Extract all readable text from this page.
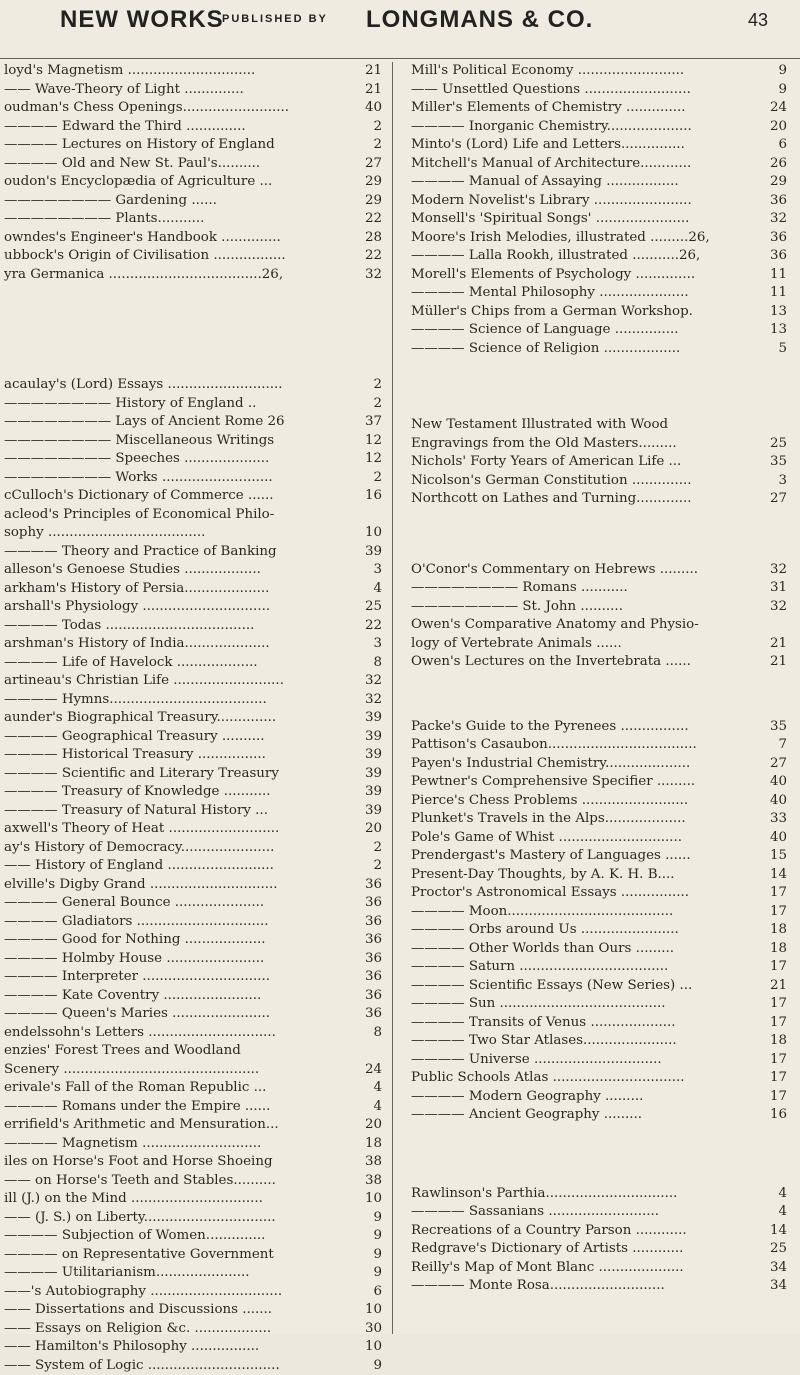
NEW WORKS
PUBLISHED BY LONGMANS & CO.	43
loyd's Magnetism ..............................	21
—— Wave-Theory of Light ..............	21
oudman's Chess Openings.........................	40
———— Edward the Third ..............	2
———— Lectures on History of England	2
———— Old and New St. Paul's..........	27
oudon's Encyclopædia of Agriculture ...	29
———————— Gardening ......	29
———————— Plants...........	22
owndes's Engineer's Handbook ..............	28
ubbock's Origin of Civilisation .................	22
yra Germanica ....................................26,	32
acaulay's (Lord) Essays ...........................	2
———————— History of England ..	2
———————— Lays of Ancient Rome 26	37
———————— Miscellaneous Writings	12
———————— Speeches ....................	12
———————— Works ..........................	2
cCulloch's Dictionary of Commerce ......	16
acleod's Principles of Economical Philo-
sophy .....................................	10
———— Theory and Practice of Banking	39
alleson's Genoese Studies ..................	3
arkham's History of Persia....................	4
arshall's Physiology ..............................	25
———— Todas ...................................	22
arshman's History of India....................	3
———— Life of Havelock ...................	8
artineau's Christian Life ..........................	32
———— Hymns.....................................	32
aunder's Biographical Treasury..............	39
———— Geographical Treasury ..........	39
———— Historical Treasury ................	39
———— Scientific and Literary Treasury	39
———— Treasury of Knowledge ...........	39
———— Treasury of Natural History ...	39
axwell's Theory of Heat ..........................	20
ay's History of Democracy......................	2
—— History of England .........................	2
elville's Digby Grand ..............................	36
———— General Bounce .....................	36
———— Gladiators ...............................	36
———— Good for Nothing ...................	36
———— Holmby House .......................	36
———— Interpreter ..............................	36
———— Kate Coventry .......................	36
———— Queen's Maries .......................	36
endelssohn's Letters ..............................	8
enzies' Forest Trees and Woodland
Scenery ..............................................	24
erivale's Fall of the Roman Republic ...	4
———— Romans under the Empire ......	4
errifield's Arithmetic and Mensuration...	20
———— Magnetism ............................	18
iles on Horse's Foot and Horse Shoeing	38
—— on Horse's Teeth and Stables..........	38
ill (J.) on the Mind ...............................	10
—— (J. S.) on Liberty...............................	9
———— Subjection of Women..............	9
———— on Representative Government	9
———— Utilitarianism......................	9
——'s Autobiography ...............................	6
—— Dissertations and Discussions .......	10
—— Essays on Religion &c. ..................	30
—— Hamilton's Philosophy ................	10
—— System of Logic ...............................	9
Mill's Political Economy .........................	9
—— Unsettled Questions .........................	9
Miller's Elements of Chemistry ..............	24
———— Inorganic Chemistry....................	20
Minto's (Lord) Life and Letters...............	6
Mitchell's Manual of Architecture............	26
———— Manual of Assaying .................	29
Modern Novelist's Library .......................	36
Monsell's 'Spiritual Songs' ......................	32
Moore's Irish Melodies, illustrated .........26,	36
———— Lalla Rookh, illustrated ...........26,	36
Morell's Elements of Psychology ..............	11
———— Mental Philosophy .....................	11
Müller's Chips from a German Workshop.	13
———— Science of Language ...............	13
———— Science of Religion ..................	5
New Testament Illustrated with Wood
Engravings from the Old Masters.........	25
Nichols' Forty Years of American Life ...	35
Nicolson's German Constitution ..............	3
Northcott on Lathes and Turning.............	27
O'Conor's Commentary on Hebrews .........	32
———————— Romans ...........	31
———————— St. John ..........	32
Owen's Comparative Anatomy and Physio-
logy of Vertebrate Animals ......	21
Owen's Lectures on the Invertebrata ......	21
Packe's Guide to the Pyrenees ................	35
Pattison's Casaubon...................................	7
Payen's Industrial Chemistry....................	27
Pewtner's Comprehensive Specifier .........	40
Pierce's Chess Problems .........................	40
Plunket's Travels in the Alps...................	33
Pole's Game of Whist .............................	40
Prendergast's Mastery of Languages ......	15
Present-Day Thoughts, by A. K. H. B....	14
Proctor's Astronomical Essays ................	17
———— Moon.......................................	17
———— Orbs around Us .......................	18
———— Other Worlds than Ours .........	18
———— Saturn ...................................	17
———— Scientific Essays (New Series) ...	21
———— Sun .......................................	17
———— Transits of Venus ....................	17
———— Two Star Atlases......................	18
———— Universe ..............................	17
Public Schools Atlas ...............................	17
———— Modern Geography .........	17
———— Ancient Geography .........	16
Rawlinson's Parthia...............................	4
———— Sassanians ..........................	4
Recreations of a Country Parson ............	14
Redgrave's Dictionary of Artists ............	25
Reilly's Map of Mont Blanc ....................	34
———— Monte Rosa...........................	34
